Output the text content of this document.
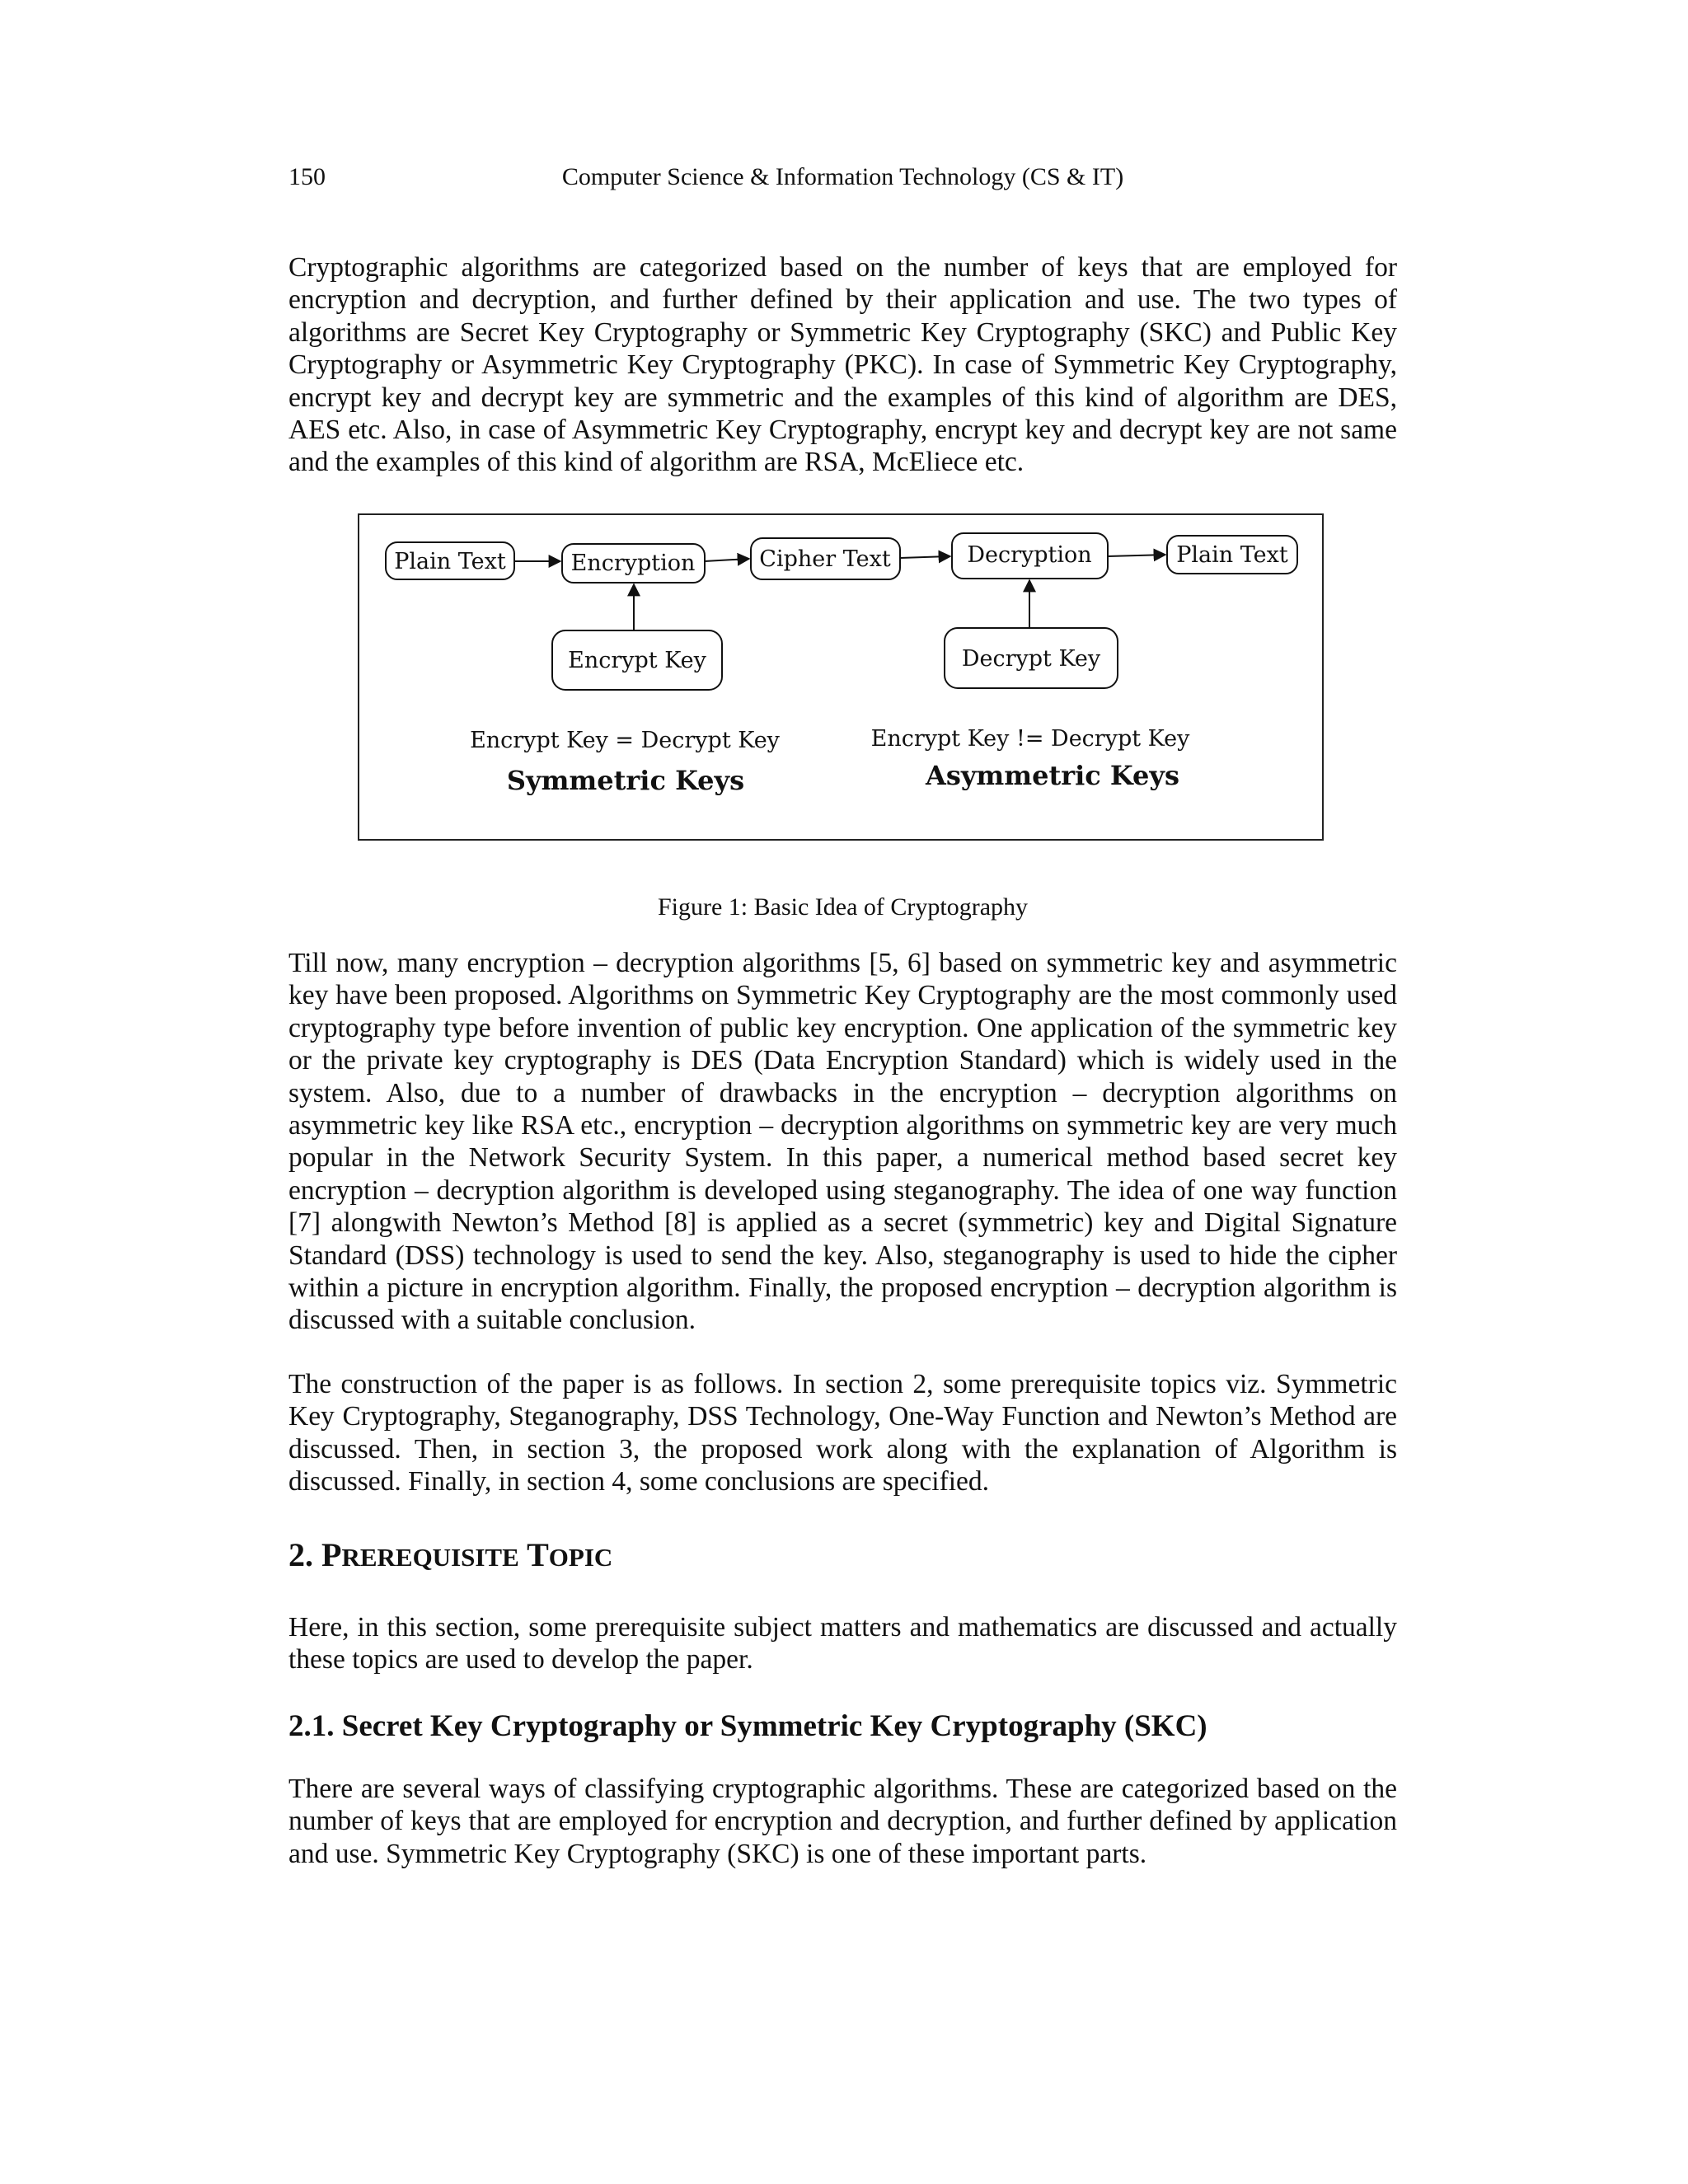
150	Computer Science & Information Technology (CS & IT)

Cryptographic algorithms are categorized based on the number of keys that are employed for encryption and decryption, and further defined by their application and use. The two types of algorithms are Secret Key Cryptography or Symmetric Key Cryptography (SKC) and Public Key Cryptography or Asymmetric Key Cryptography (PKC). In case of Symmetric Key Cryptography, encrypt key and decrypt key are symmetric and the examples of this kind of algorithm are DES, AES etc. Also, in case of Asymmetric Key Cryptography, encrypt key and decrypt key are not same and the examples of this kind of algorithm are RSA, McEliece etc.

Plain Text	Encryption	Cipher Text	Decryption	Plain Text
Encrypt Key	Decrypt Key
Encrypt Key = Decrypt Key
Symmetric Keys
Encrypt Key != Decrypt Key
Asymmetric Keys
Figure 1: Basic Idea of Cryptography

Till now, many encryption – decryption algorithms [5, 6] based on symmetric key and asymmetric key have been proposed. Algorithms on Symmetric Key Cryptography are the most commonly used cryptography type before invention of public key encryption. One application of the symmetric key or the private key cryptography is DES (Data Encryption Standard) which is widely used in the system. Also, due to a number of drawbacks in the encryption – decryption algorithms on asymmetric key like RSA etc., encryption – decryption algorithms on symmetric key are very much popular in the Network Security System. In this paper, a numerical method based secret key encryption – decryption algorithm is developed using steganography. The idea of one way function [7] alongwith Newton’s Method [8] is applied as a secret (symmetric) key and Digital Signature Standard (DSS) technology is used to send the key. Also, steganography is used to hide the cipher within a picture in encryption algorithm. Finally, the proposed encryption – decryption algorithm is discussed with a suitable conclusion.

The construction of the paper is as follows. In section 2, some prerequisite topics viz. Symmetric Key Cryptography, Steganography, DSS Technology, One-Way Function and Newton’s Method are discussed. Then, in section 3, the proposed work along with the explanation of Algorithm is discussed. Finally, in section 4, some conclusions are specified.

2. PREREQUISITE TOPIC

Here, in this section, some prerequisite subject matters and mathematics are discussed and actually these topics are used to develop the paper.

2.1. Secret Key Cryptography or Symmetric Key Cryptography (SKC)

There are several ways of classifying cryptographic algorithms. These are categorized based on the number of keys that are employed for encryption and decryption, and further defined by application and use. Symmetric Key Cryptography (SKC) is one of these important parts.
